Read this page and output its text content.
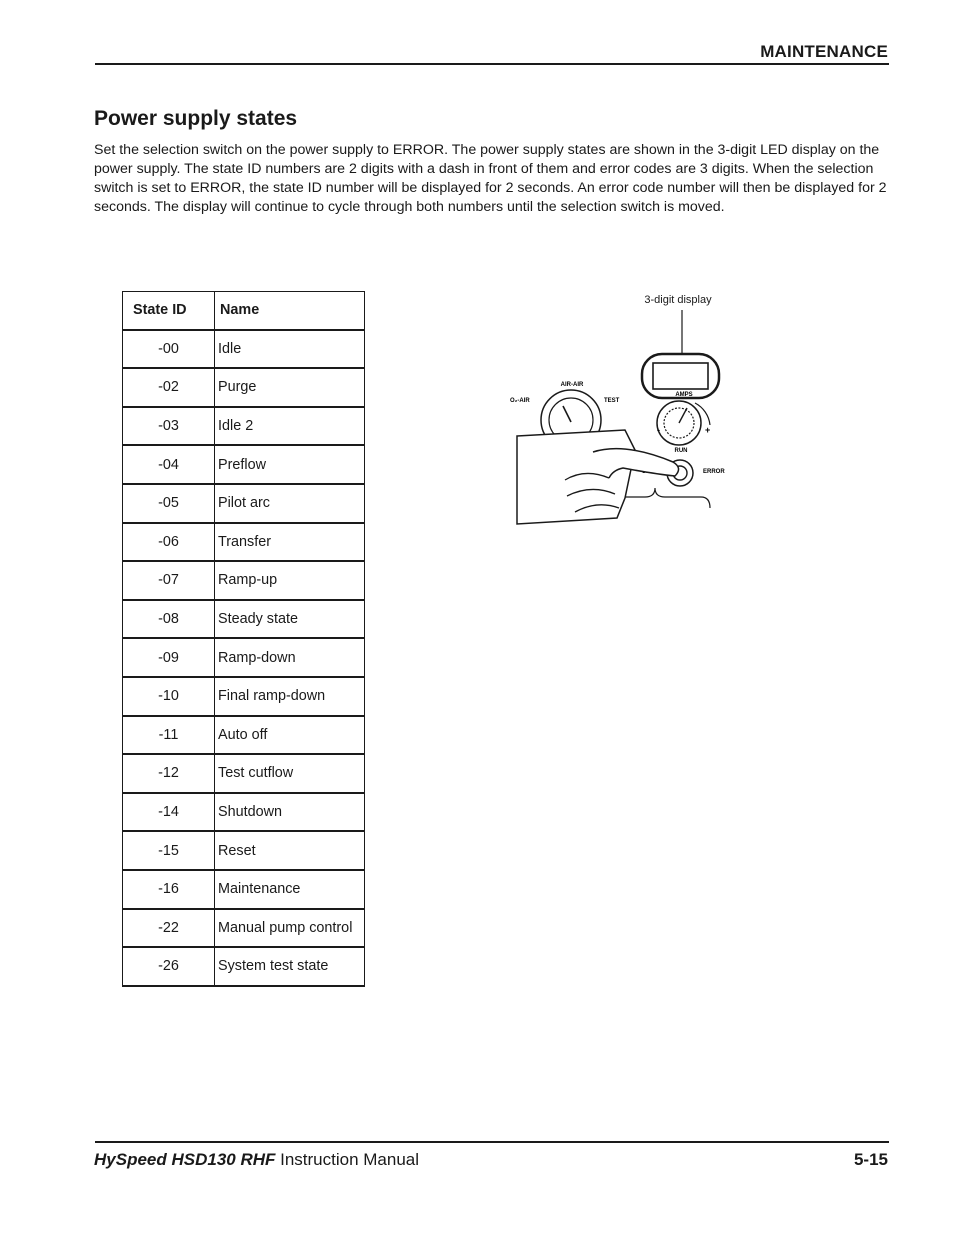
MAINTENANCE
Power supply states

Set the selection switch on the power supply to ERROR. The power supply states are shown in the 3-digit LED display on the power supply. The state ID numbers are 2 digits with a dash in front of them and error codes are 3 digits. When the selection switch is set to ERROR, the state ID number will be displayed for 2 seconds. An error code number will then be displayed for 2 seconds. The display will continue to cycle through both numbers until the selection switch is moved.

State ID	Name
-00	Idle
-02	Purge
-03	Idle 2
-04	Preflow
-05	Pilot arc
-06	Transfer
-07	Ramp-up
-08	Steady state
-09	Ramp-down
-10	Final ramp-down
-11	Auto off
-12	Test cutflow
-14	Shutdown
-15	Reset
-16	Maintenance
-22	Manual pump control
-26	System test state
3-digit display
AMPS
-	+
AIR-AIR
O₂-AIR	TEST
RUN
ERROR
HySpeed HSD130 RHF Instruction Manual	5-15
